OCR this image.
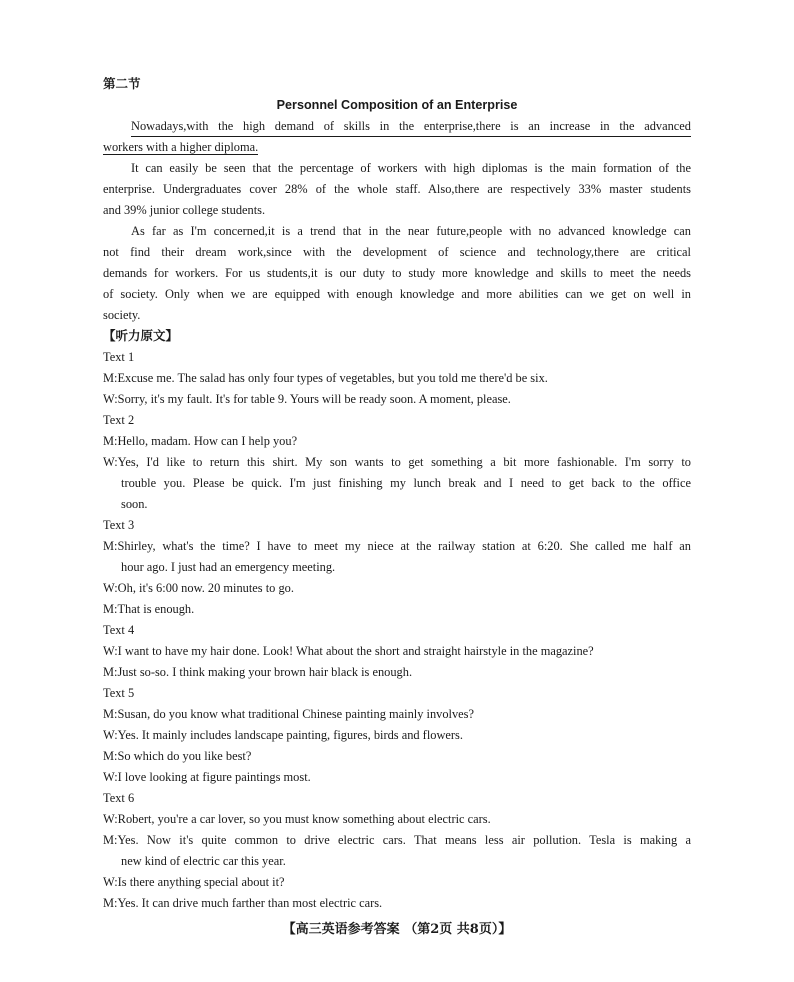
第二节
Personnel Composition of an Enterprise
Nowadays,with the high demand of skills in the enterprise,there is an increase in the advanced
workers with a higher diploma.
It can easily be seen that the percentage of workers with high diplomas is the main formation of the
enterprise. Undergraduates cover 28% of the whole staff. Also,there are respectively 33% master students
and 39% junior college students.
As far as I'm concerned,it is a trend that in the near future,people with no advanced knowledge can
not find their dream work,since with the development of science and technology,there are critical
demands for workers. For us students,it is our duty to study more knowledge and skills to meet the needs
of society. Only when we are equipped with enough knowledge and more abilities can we get on well in
society.
【听力原文】
Text 1
M:Excuse me. The salad has only four types of vegetables, but you told me there'd be six.
W:Sorry, it's my fault. It's for table 9. Yours will be ready soon. A moment, please.
Text 2
M:Hello, madam. How can I help you?
W:Yes, I'd like to return this shirt. My son wants to get something a bit more fashionable. I'm sorry to
trouble you. Please be quick. I'm just finishing my lunch break and I need to get back to the office
soon.
Text 3
M:Shirley, what's the time? I have to meet my niece at the railway station at 6:20. She called me half an
hour ago. I just had an emergency meeting.
W:Oh, it's 6:00 now. 20 minutes to go.
M:That is enough.
Text 4
W:I want to have my hair done. Look! What about the short and straight hairstyle in the magazine?
M:Just so-so. I think making your brown hair black is enough.
Text 5
M:Susan, do you know what traditional Chinese painting mainly involves?
W:Yes. It mainly includes landscape painting, figures, birds and flowers.
M:So which do you like best?
W:I love looking at figure paintings most.
Text 6
W:Robert, you're a car lover, so you must know something about electric cars.
M:Yes. Now it's quite common to drive electric cars. That means less air pollution. Tesla is making a
new kind of electric car this year.
W:Is there anything special about it?
M:Yes. It can drive much farther than most electric cars.
【高三英语参考答案 （第2页 共8页）】
